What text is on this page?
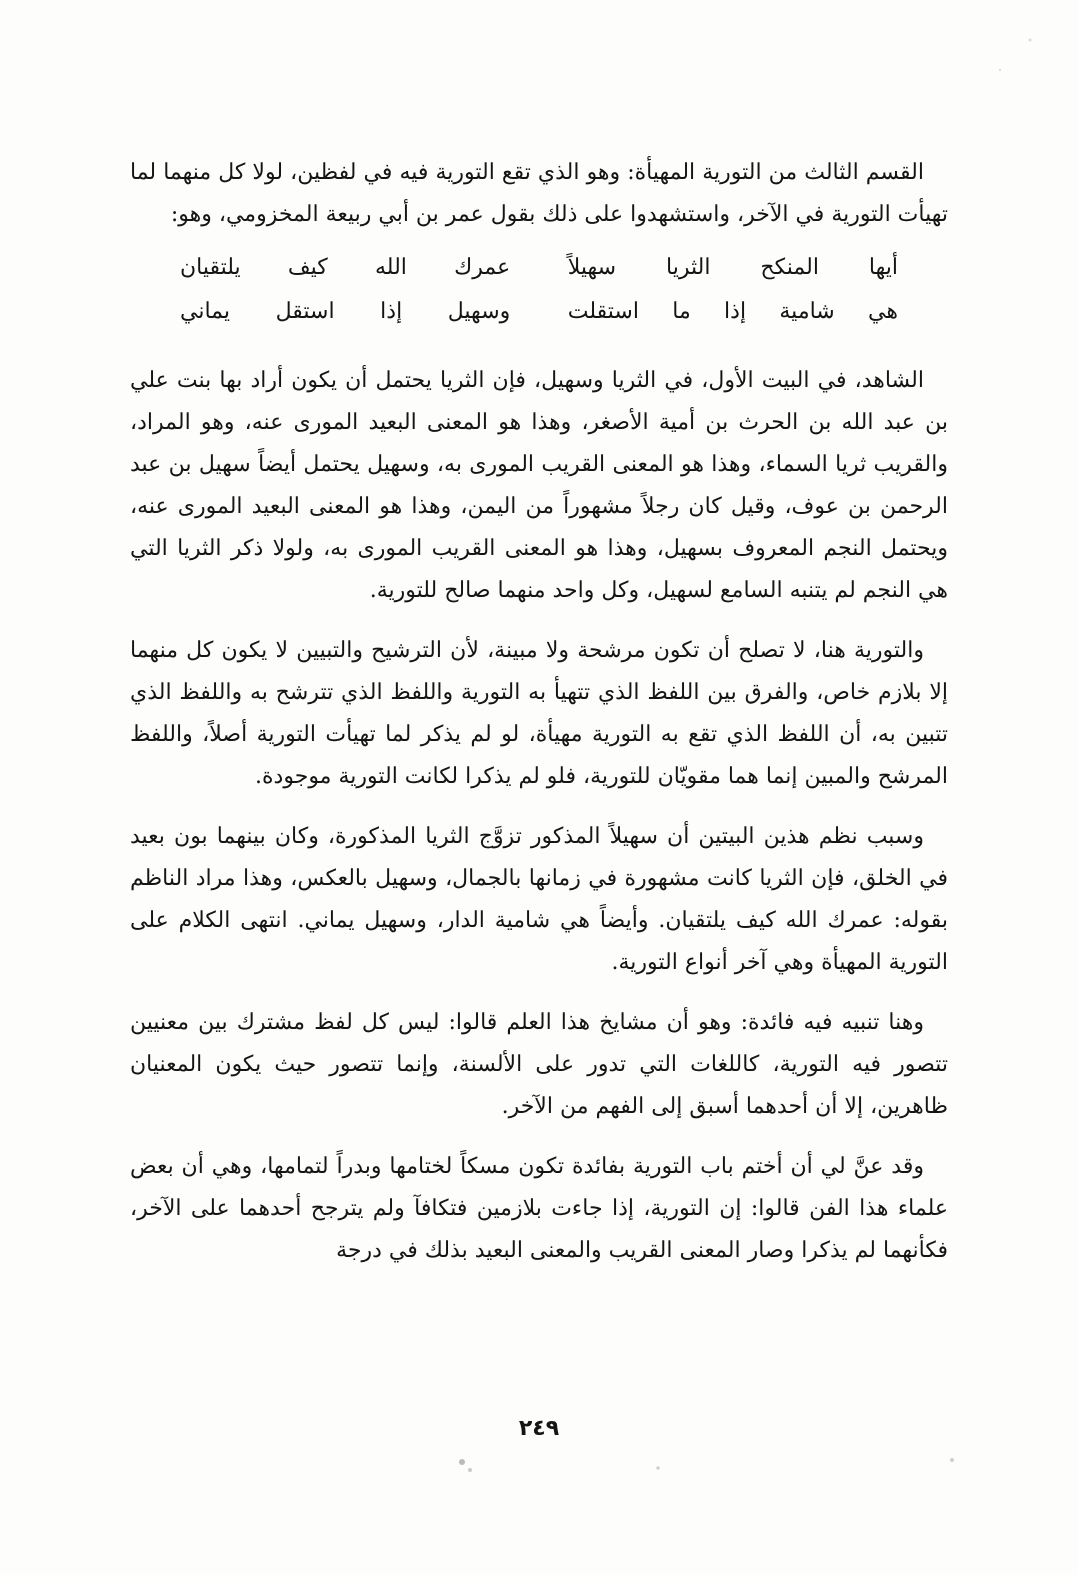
القسم الثالث من التورية المهيأة: وهو الذي تقع التورية فيه في لفظين، لولا كل منهما لما تهيأت التورية في الآخر، واستشهدوا على ذلك بقول عمر بن أبي ربيعة المخزومي، وهو:

أيها المنكح الثريا سهيلاً
عمرك الله كيف يلتقيان
هي شامية إذا ما استقلت
وسهيل إذا استقل يماني

الشاهد، في البيت الأول، في الثريا وسهيل، فإن الثريا يحتمل أن يكون أراد بها بنت علي بن عبد الله بن الحرث بن أمية الأصغر، وهذا هو المعنى البعيد المورى عنه، وهو المراد، والقريب ثريا السماء، وهذا هو المعنى القريب المورى به، وسهيل يحتمل أيضاً سهيل بن عبد الرحمن بن عوف، وقيل كان رجلاً مشهوراً من اليمن، وهذا هو المعنى البعيد المورى عنه، ويحتمل النجم المعروف بسهيل، وهذا هو المعنى القريب المورى به، ولولا ذكر الثريا التي هي النجم لم يتنبه السامع لسهيل، وكل واحد منهما صالح للتورية.

والتورية هنا، لا تصلح أن تكون مرشحة ولا مبينة، لأن الترشيح والتبيين لا يكون كل منهما إلا بلازم خاص، والفرق بين اللفظ الذي تتهيأ به التورية واللفظ الذي تترشح به واللفظ الذي تتبين به، أن اللفظ الذي تقع به التورية مهيأة، لو لم يذكر لما تهيأت التورية أصلاً، واللفظ المرشح والمبين إنما هما مقويّان للتورية، فلو لم يذكرا لكانت التورية موجودة.

وسبب نظم هذين البيتين أن سهيلاً المذكور تزوَّج الثريا المذكورة، وكان بينهما بون بعيد في الخلق، فإن الثريا كانت مشهورة في زمانها بالجمال، وسهيل بالعكس، وهذا مراد الناظم بقوله: عمرك الله كيف يلتقيان. وأيضاً هي شامية الدار، وسهيل يماني. انتهى الكلام على التورية المهيأة وهي آخر أنواع التورية.

وهنا تنبيه فيه فائدة: وهو أن مشايخ هذا العلم قالوا: ليس كل لفظ مشترك بين معنيين تتصور فيه التورية، كاللغات التي تدور على الألسنة، وإنما تتصور حيث يكون المعنيان ظاهرين، إلا أن أحدهما أسبق إلى الفهم من الآخر.

وقد عنَّ لي أن أختم باب التورية بفائدة تكون مسكاً لختامها وبدراً لتمامها، وهي أن بعض علماء هذا الفن قالوا: إن التورية، إذا جاءت بلازمين فتكافآ ولم يترجح أحدهما على الآخر، فكأنهما لم يذكرا وصار المعنى القريب والمعنى البعيد بذلك في درجة

٢٤٩
